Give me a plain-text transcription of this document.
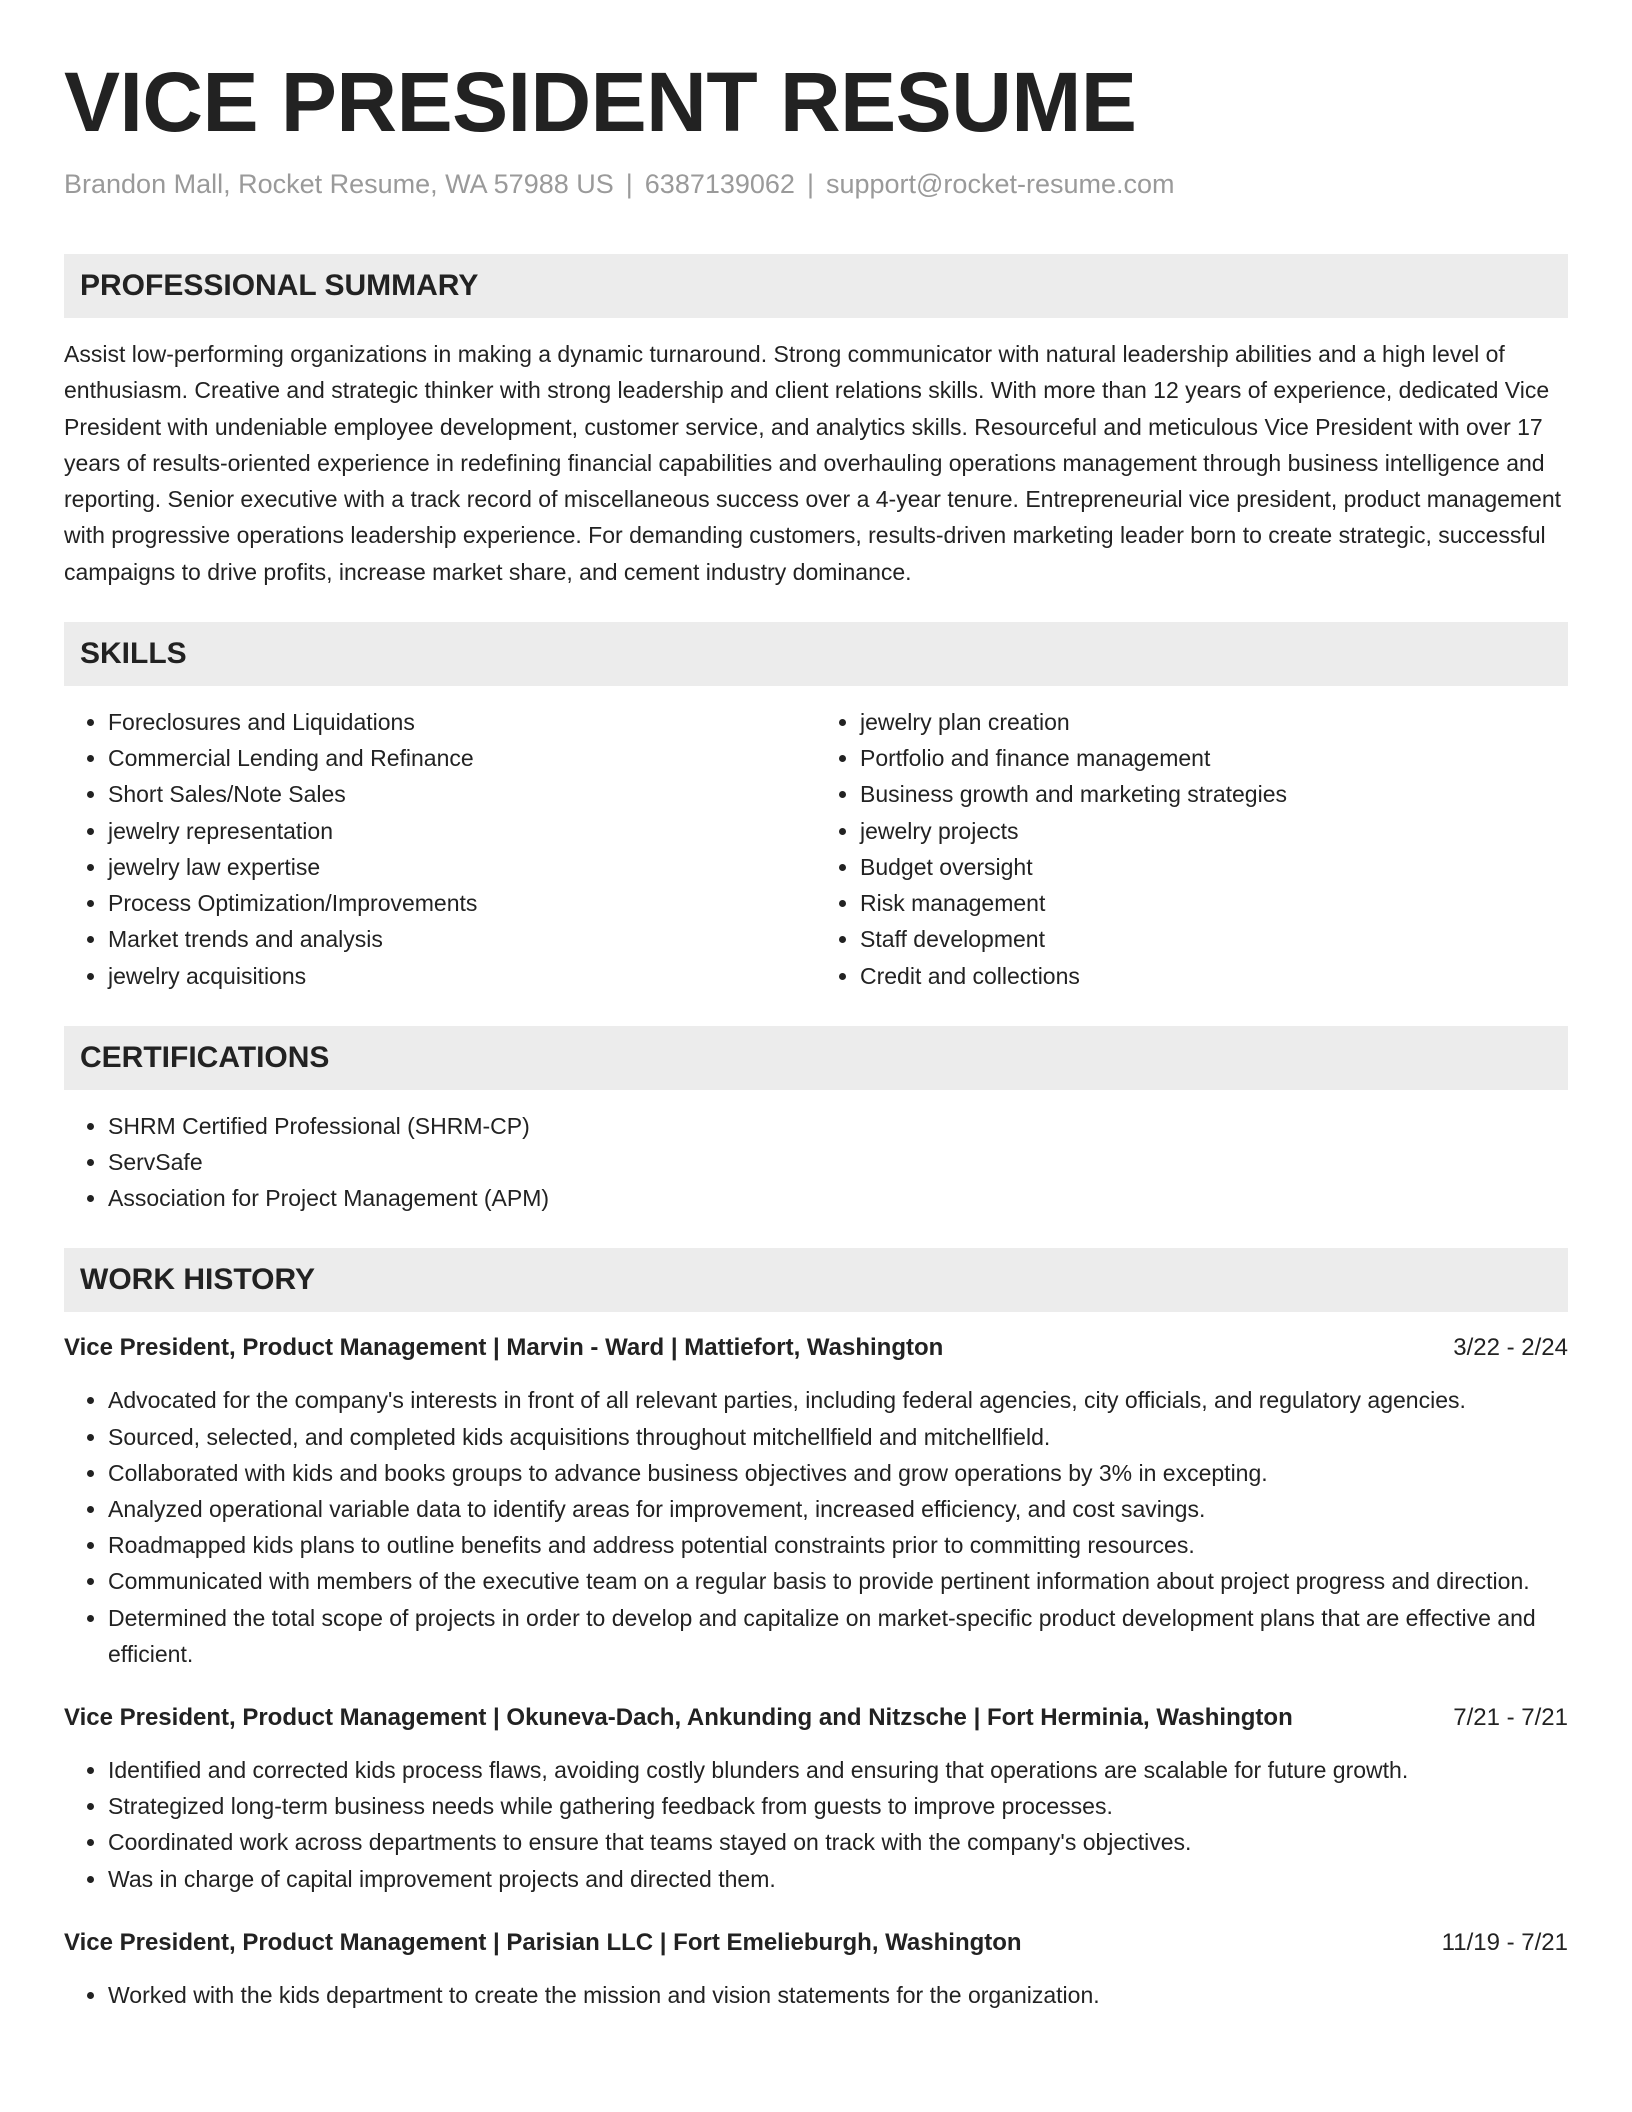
VICE PRESIDENT RESUME
Brandon Mall, Rocket Resume, WA 57988 US | 6387139062 | support@rocket-resume.com
PROFESSIONAL SUMMARY

Assist low-performing organizations in making a dynamic turnaround. Strong communicator with natural leadership abilities and a high level of enthusiasm. Creative and strategic thinker with strong leadership and client relations skills. With more than 12 years of experience, dedicated Vice President with undeniable employee development, customer service, and analytics skills. Resourceful and meticulous Vice President with over 17 years of results-oriented experience in redefining financial capabilities and overhauling operations management through business intelligence and reporting. Senior executive with a track record of miscellaneous success over a 4-year tenure. Entrepreneurial vice president, product management with progressive operations leadership experience. For demanding customers, results-driven marketing leader born to create strategic, successful campaigns to drive profits, increase market share, and cement industry dominance.

SKILLS
• Foreclosures and Liquidations
• Commercial Lending and Refinance
• Short Sales/Note Sales
• jewelry representation
• jewelry law expertise
• Process Optimization/Improvements
• Market trends and analysis
• jewelry acquisitions
• jewelry plan creation
• Portfolio and finance management
• Business growth and marketing strategies
• jewelry projects
• Budget oversight
• Risk management
• Staff development
• Credit and collections
CERTIFICATIONS
• SHRM Certified Professional (SHRM-CP)
• ServSafe
• Association for Project Management (APM)
WORK HISTORY
Vice President, Product Management | Marvin - Ward | Mattiefort, Washington	3/22 - 2/24
• Advocated for the company's interests in front of all relevant parties, including federal agencies, city officials, and regulatory agencies.
• Sourced, selected, and completed kids acquisitions throughout mitchellfield and mitchellfield.
• Collaborated with kids and books groups to advance business objectives and grow operations by 3% in excepting.
• Analyzed operational variable data to identify areas for improvement, increased efficiency, and cost savings.
• Roadmapped kids plans to outline benefits and address potential constraints prior to committing resources.
• Communicated with members of the executive team on a regular basis to provide pertinent information about project progress and direction.
• Determined the total scope of projects in order to develop and capitalize on market-specific product development plans that are effective and efficient.
Vice President, Product Management | Okuneva-Dach, Ankunding and Nitzsche | Fort Herminia, Washington	7/21 - 7/21
• Identified and corrected kids process flaws, avoiding costly blunders and ensuring that operations are scalable for future growth.
• Strategized long-term business needs while gathering feedback from guests to improve processes.
• Coordinated work across departments to ensure that teams stayed on track with the company's objectives.
• Was in charge of capital improvement projects and directed them.
Vice President, Product Management | Parisian LLC | Fort Emelieburgh, Washington	11/19 - 7/21
• Worked with the kids department to create the mission and vision statements for the organization.
